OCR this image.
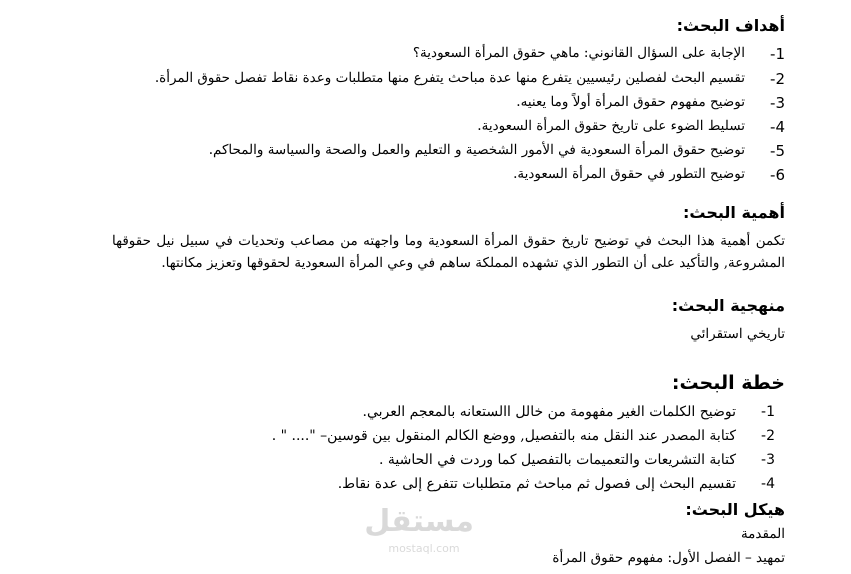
أهداف البحث:
1-
الإجابة على السؤال القانوني: ماهي حقوق المرأة السعودية؟
2-
تقسيم البحث لفصلين رئيسيين يتفرع منها عدة مباحث يتفرع منها متطلبات وعدة نقاط تفصل حقوق المرأة.
3-
توضيح مفهوم حقوق المرأة أولاً وما يعنيه.
4-
تسليط الضوء على تاريخ حقوق المرأة السعودية.
5-
توضيح حقوق المرأة السعودية في الأمور الشخصية و التعليم والعمل والصحة والسياسة والمحاكم.
6-
توضيح التطور في حقوق المرأة السعودية.
أهمية البحث:
تكمن أهمية هذا البحث في توضيح تاريخ حقوق المرأة السعودية وما واجهته من مصاعب وتحديات في سبيل نيل حقوقها المشروعة, والتأكيد على أن التطور الذي تشهده المملكة ساهم في وعي المرأة السعودية لحقوقها وتعزيز مكانتها.
منهجية البحث:
تاريخي استقرائي
خطة البحث:
1-
توضيح الكلمات الغير مفهومة من خالل االستعانه بالمعجم العربي.
2-
كتابة المصدر عند النقل منه بالتفصيل, ووضع الكالم المنقول بين قوسين– ".... " .
3-
كتابة التشريعات والتعميمات بالتفصيل كما وردت في الحاشية .
4-
تقسيم البحث إلى فصول ثم مباحث ثم متطلبات تتفرع إلى عدة نقاط.
هيكل البحث:
المقدمة
تمهيد – الفصل الأول: مفهوم حقوق المرأة
مستقل
mostaql.com
